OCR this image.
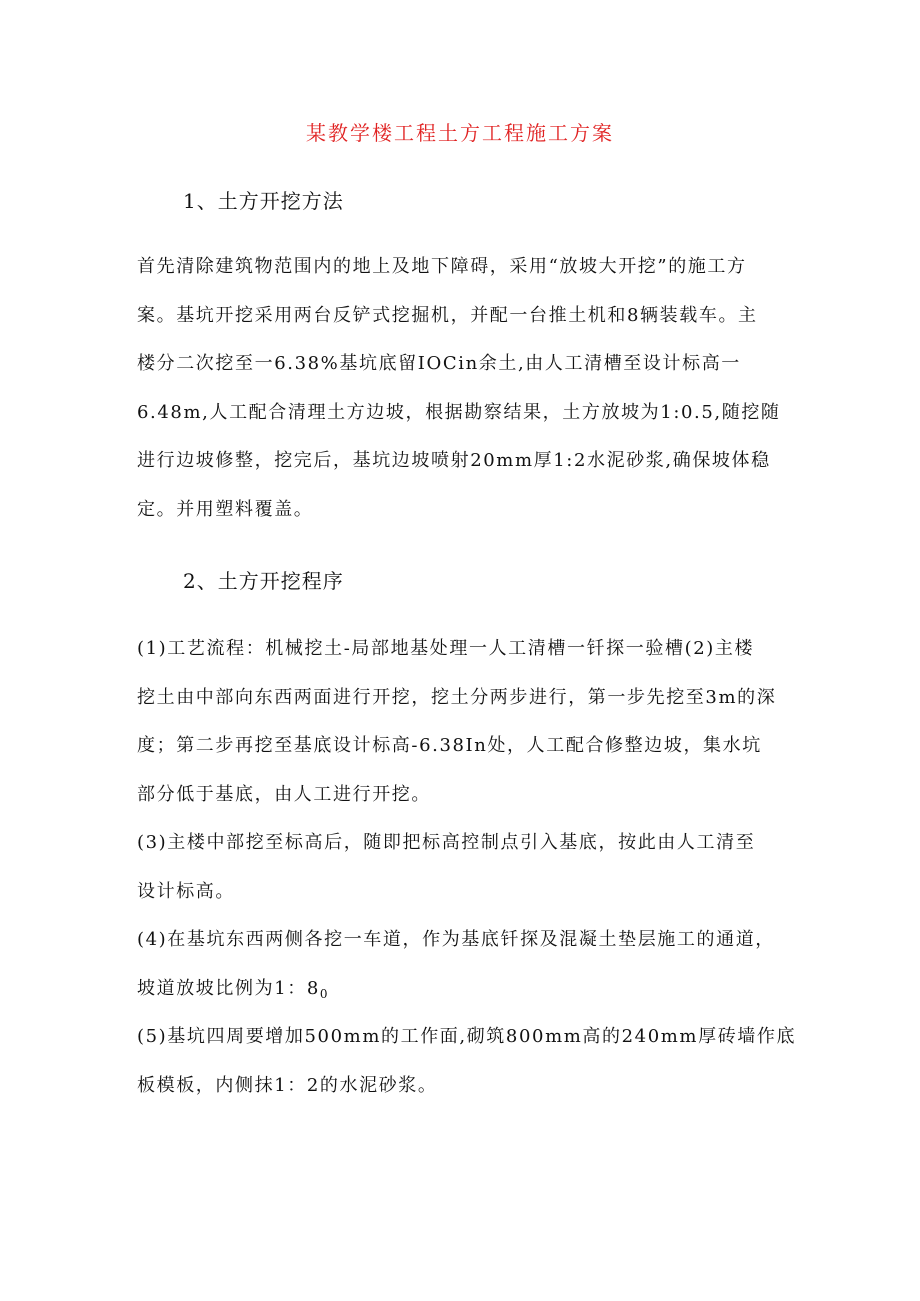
某教学楼工程土方工程施工方案
1、土方开挖方法
首先清除建筑物范围内的地上及地下障碍，采用“放坡大开挖”的施工方
案。基坑开挖采用两台反铲式挖掘机，并配一台推土机和8辆装载车。主
楼分二次挖至一6.38%基坑底留IOCin余土,由人工清槽至设计标高一
6.48m,人工配合清理土方边坡，根据勘察结果，土方放坡为1:0.5,随挖随
进行边坡修整，挖完后，基坑边坡喷射20mm厚1:2水泥砂浆,确保坡体稳
定。并用塑料覆盖。
2、土方开挖程序
(1)工艺流程：机械挖土-局部地基处理一人工清槽一钎探一验槽(2)主楼
挖土由中部向东西两面进行开挖，挖土分两步进行，第一步先挖至3m的深
度；第二步再挖至基底设计标高-6.38In处，人工配合修整边坡，集水坑
部分低于基底，由人工进行开挖。
(3)主楼中部挖至标高后，随即把标高控制点引入基底，按此由人工清至
设计标高。
(4)在基坑东西两侧各挖一车道，作为基底钎探及混凝土垫层施工的通道，
坡道放坡比例为1：$8_0$
(5)基坑四周要增加500mm的工作面,砌筑800mm高的240mm厚砖墙作底
板模板，内侧抹1：2的水泥砂浆。
